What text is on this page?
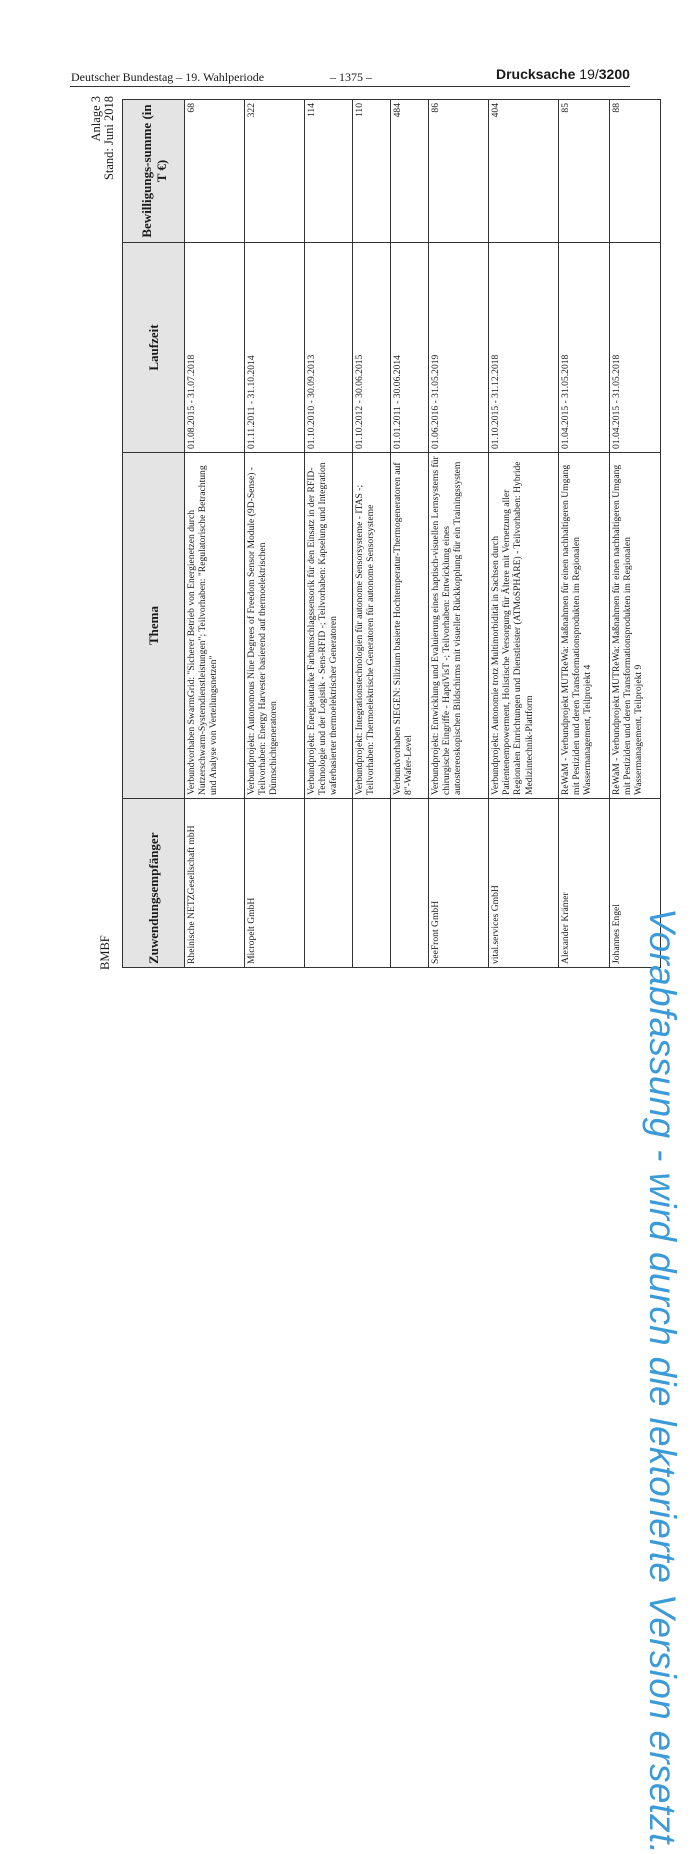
Deutscher Bundestag – 19. Wahlperiode	– 1375 –	Drucksache 19/3200
BMBF
Anlage 3 Stand: Juni 2018
Zuwendungsempfänger	Thema	Laufzeit	Bewilligungs-summe (in T €)
Rheinische NETZGesellschaft mbH	Verbundvorhaben SwarmGrid: "Sicherer Betrieb von Energienetzen durch Nutzerschwarm-Systemdienstleistungen"; Teilvorhaben: "Regulatorische Betrachtung und Analyse von Verteilungsnetzen"	01.08.2015 - 31.07.2018	68
Micropelt GmbH	Verbundprojekt: Autonomous Nine Degrees of Freedom Sensor Module (9D-Sense) - Teilvorhaben: Energy Harvester basierend auf thermoelektrischen Dünnschichtgeneratoren	01.11.2011 - 31.10.2014	322
	Verbundprojekt: Energieautarke Farbumschlagssensorik für den Einsatz in der RFID-Technologie und der Logistik - Sens-RFID -; Teilvorhaben: Kapselung und Integration waferbasierter thermoelektrischer Generatoren	01.10.2010 - 30.09.2013	114
	Verbundprojekt: Integrationstechnologien für autonome Sensorsysteme - ITAS -; Teilvorhaben: Thermoelektrische Generatoren für autonome Sensorsysteme	01.10.2012 - 30.06.2015	110
	Verbundvorhaben SIEGEN: Silizium basierte Hochtemperatur-Thermogeneratoren auf 8"-Wafer-Level	01.01.2011 - 30.06.2014	484
SeeFront GmbH	Verbundprojekt: Entwicklung und Evaluierung eines haptisch-visuellen Lernsystems für chirurgische Eingriffe - HaptiVisT -; Teilvorhaben: Entwicklung eines autostereoskopischen Bildschirms mit visueller Rückkopplung für ein Trainingssystem	01.06.2016 - 31.05.2019	86
vital.services GmbH	Verbundprojekt: Autonomie trotz Multimorbidität in Sachsen durch Patientenempowerment, Holistische Versorgung für Ältere mit Vernetzung aller Regionalen Einrichtungen und Dienstleister (ATMoSPHÄRE) - Teilvorhaben: Hybride Medizintechnik-Plattform	01.10.2015 - 31.12.2018	404
Alexander Krämer	ReWaM - Verbundprojekt MUTReWa: Maßnahmen für einen nachhaltigeren Umgang mit Pestiziden und deren Transformationsprodukten im Regionalen Wassermanagement, Teilprojekt 4	01.04.2015 - 31.05.2018	85
Johannes Engel	ReWaM - Verbundprojekt MUTReWa: Maßnahmen für einen nachhaltigeren Umgang mit Pestiziden und deren Transformationsprodukten im Regionalen Wassermanagement, Teilprojekt 9	01.04.2015 - 31.05.2018	88
Vorabfassung - wird durch die lektorierte Version ersetzt.
